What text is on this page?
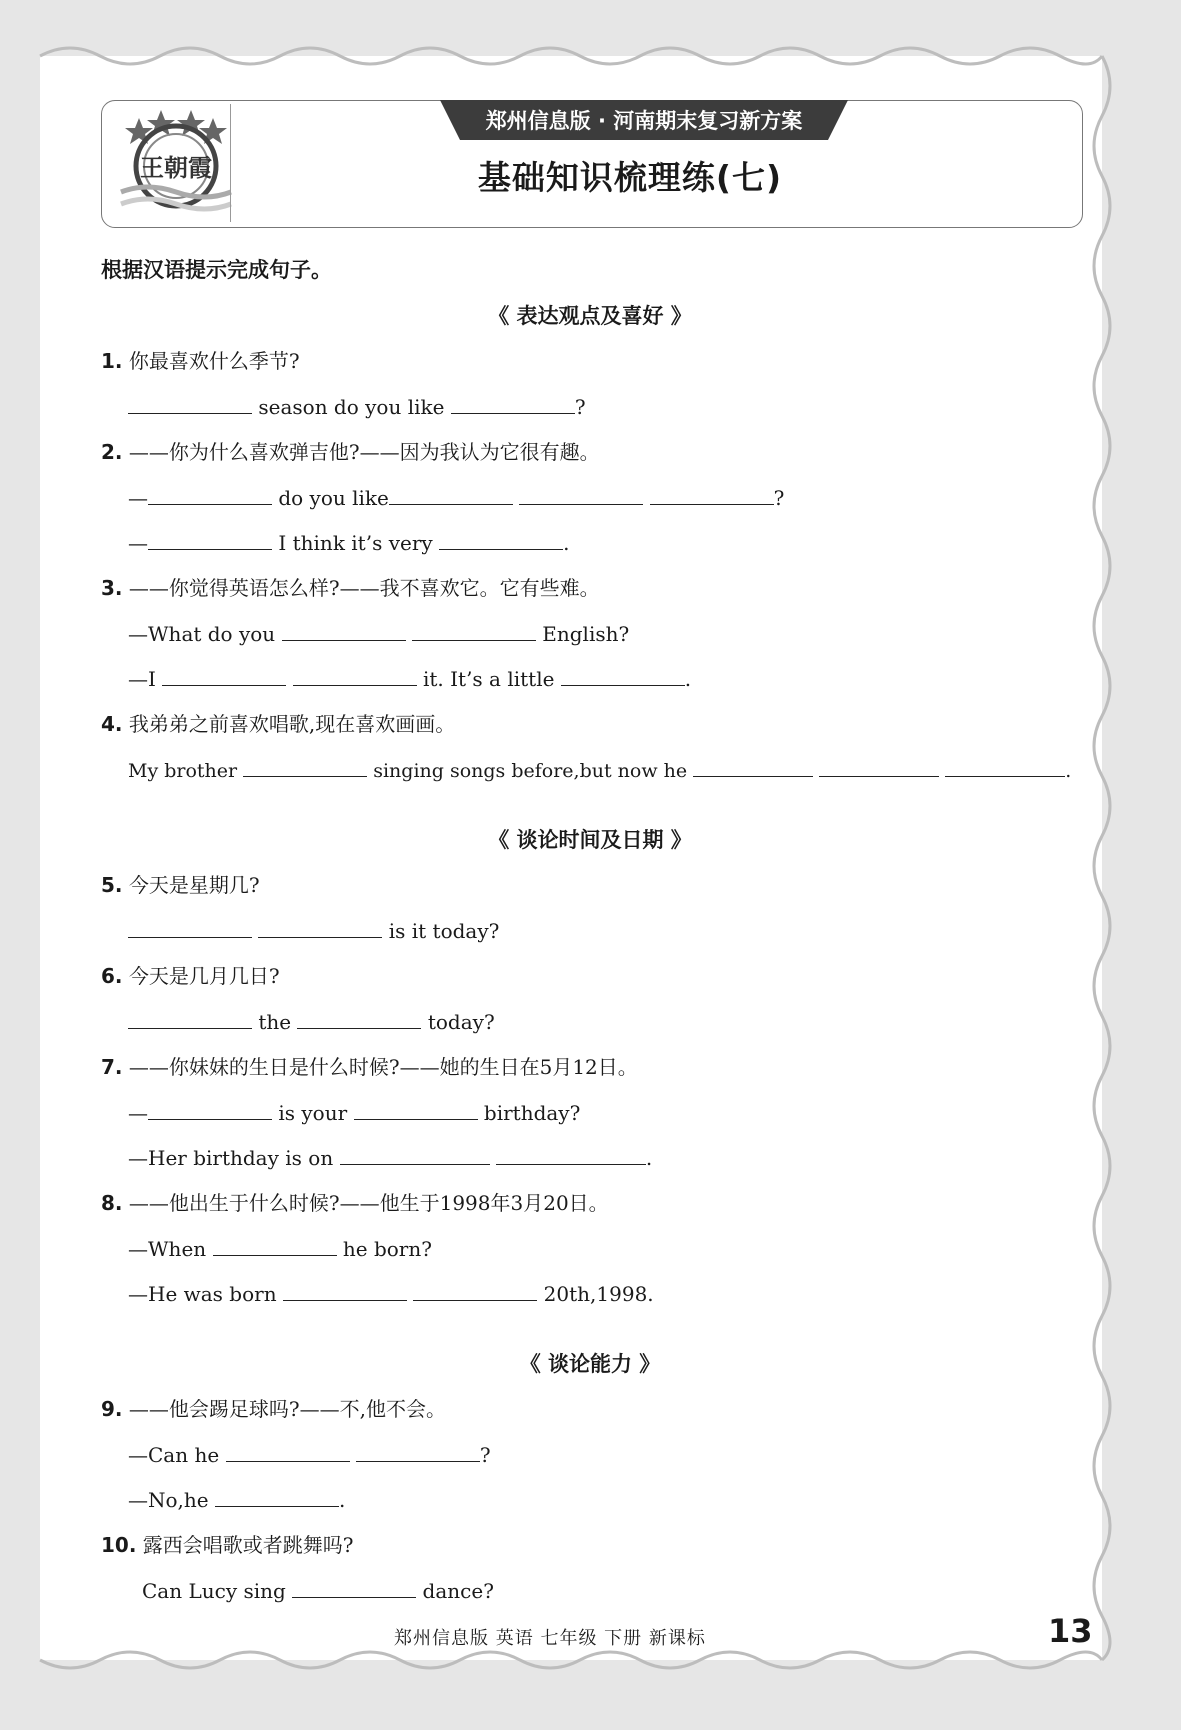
王朝霞
郑州信息版 · 河南期末复习新方案
基础知识梳理练(七)
根据汉语提示完成句子。
《 表达观点及喜好 》
1. 你最喜欢什么季节?
season do you like	?
2. ——你为什么喜欢弹吉他?——因为我认为它很有趣。
—	do you like	?
—	I think it’s very	.
3. ——你觉得英语怎么样?——我不喜欢它。它有些难。
—What do you	English?
—I	it. It’s a little	.
4. 我弟弟之前喜欢唱歌,现在喜欢画画。
My brother	singing songs before,but now he	.
《 谈论时间及日期 》
5. 今天是星期几?
is it today?
6. 今天是几月几日?
the	today?
7. ——你妹妹的生日是什么时候?——她的生日在5月12日。
—	is your	birthday?
—Her birthday is on	.
8. ——他出生于什么时候?——他生于1998年3月20日。
—When	he born?
—He was born	20th,1998.
《 谈论能力 》
9. ——他会踢足球吗?——不,他不会。
—Can he	?
—No,he	.
10. 露西会唱歌或者跳舞吗?
Can Lucy sing	dance?
郑州信息版 英语 七年级 下册 新课标	13
